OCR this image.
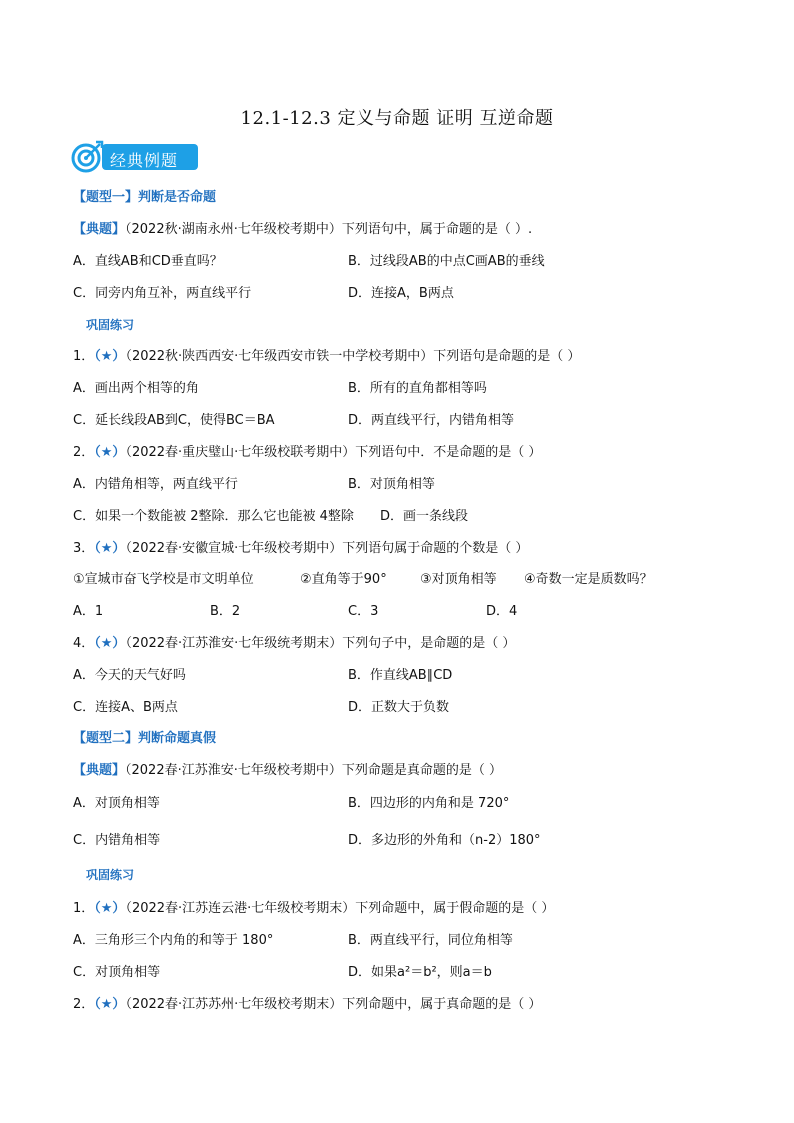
12.1-12.3 定义与命题 证明 互逆命题
经典例题
【题型一】判断是否命题
【典题】（2022秋·湖南永州·七年级校考期中）下列语句中，属于命题的是（ ）.
A．直线AB和CD垂直吗？	B．过线段AB的中点C画AB的垂线
C．同旁内角互补，两直线平行	D．连接A，B两点
巩固练习
1．（★）（2022秋·陕西西安·七年级西安市铁一中学校考期中）下列语句是命题的是（ ）
A．画出两个相等的角	B．所有的直角都相等吗
C．延长线段AB到C，使得BC＝BA	D．两直线平行，内错角相等
2．（★）（2022春·重庆璧山·七年级校联考期中）下列语句中．不是命题的是（ ）
A．内错角相等，两直线平行	B．对顶角相等
C．如果一个数能被 2整除．那么它也能被 4整除 D．画一条线段
3．（★）（2022春·安徽宣城·七年级校考期中）下列语句属于命题的个数是（ ）
①宣城市奋飞学校是市文明单位	②直角等于90°	③对顶角相等 ④奇数一定是质数吗？
A．1	B．2	C．3	D．4
4．（★）（2022春·江苏淮安·七年级统考期末）下列句子中，是命题的是（ ）
A．今天的天气好吗	B．作直线AB∥CD
C．连接A、B两点	D．正数大于负数
【题型二】判断命题真假
【典题】（2022春·江苏淮安·七年级校考期中）下列命题是真命题的是（ ）
A．对顶角相等	B．四边形的内角和是 720°
C．内错角相等	D．多边形的外角和（n-2）180°
巩固练习
1．（★）（2022春·江苏连云港·七年级校考期末）下列命题中，属于假命题的是（ ）
A．三角形三个内角的和等于 180°	B．两直线平行，同位角相等
C．对顶角相等	D．如果a²＝b²，则a＝b
2．（★）（2022春·江苏苏州·七年级校考期末）下列命题中，属于真命题的是（ ）
